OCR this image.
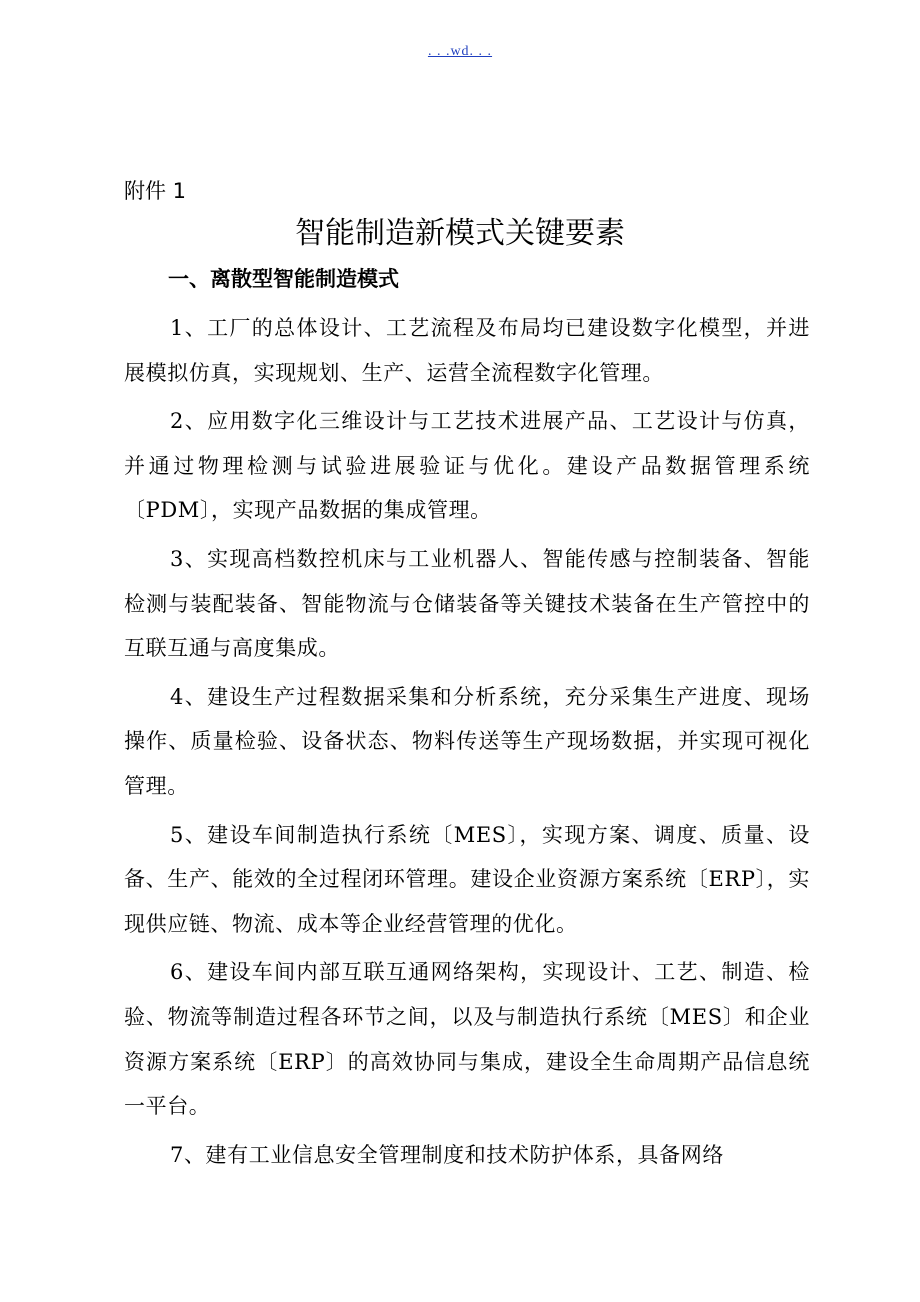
. . .wd. . .
附件 1
智能制造新模式关键要素
一、离散型智能制造模式

1、工厂的总体设计、工艺流程及布局均已建设数字化模型，并进展模拟仿真，实现规划、生产、运营全流程数字化管理。

2、应用数字化三维设计与工艺技术进展产品、工艺设计与仿真，并通过物理检测与试验进展验证与优化。建设产品数据管理系统〔PDM〕，实现产品数据的集成管理。

3、实现高档数控机床与工业机器人、智能传感与控制装备、智能检测与装配装备、智能物流与仓储装备等关键技术装备在生产管控中的互联互通与高度集成。

4、建设生产过程数据采集和分析系统，充分采集生产进度、现场操作、质量检验、设备状态、物料传送等生产现场数据，并实现可视化管理。

5、建设车间制造执行系统〔MES〕，实现方案、调度、质量、设备、生产、能效的全过程闭环管理。建设企业资源方案系统〔ERP〕，实现供应链、物流、成本等企业经营管理的优化。

6、建设车间内部互联互通网络架构，实现设计、工艺、制造、检验、物流等制造过程各环节之间，以及与制造执行系统〔MES〕和企业资源方案系统〔ERP〕的高效协同与集成，建设全生命周期产品信息统一平台。

7、建有工业信息安全管理制度和技术防护体系，具备网络
